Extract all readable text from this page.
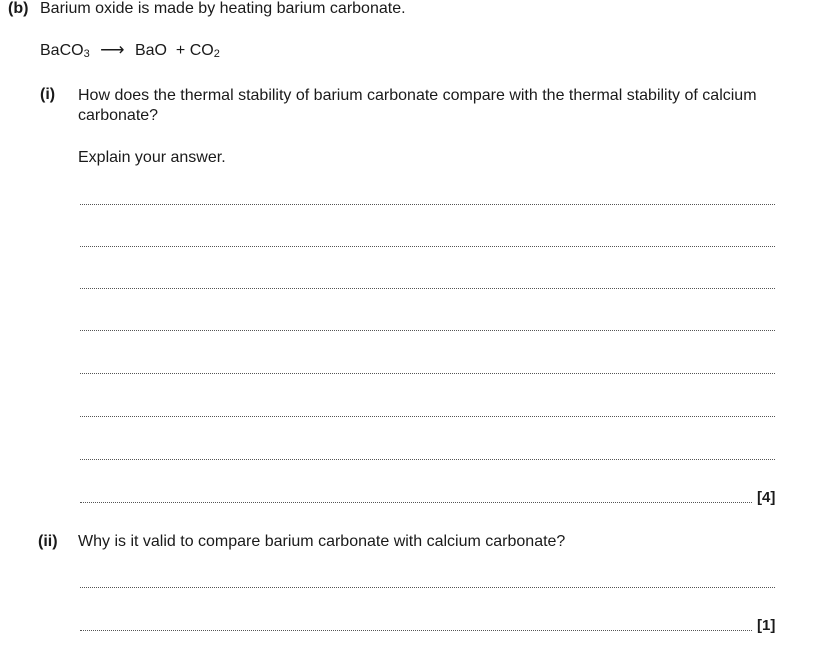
(b) Barium oxide is made by heating barium carbonate.
BaCO$_3$ ⟶ BaO + $CO_2$
(i) How does the thermal stability of barium carbonate compare with the thermal stability of calcium carbonate?
Explain your answer.
[4]
(ii) Why is it valid to compare barium carbonate with calcium carbonate?
[1]
